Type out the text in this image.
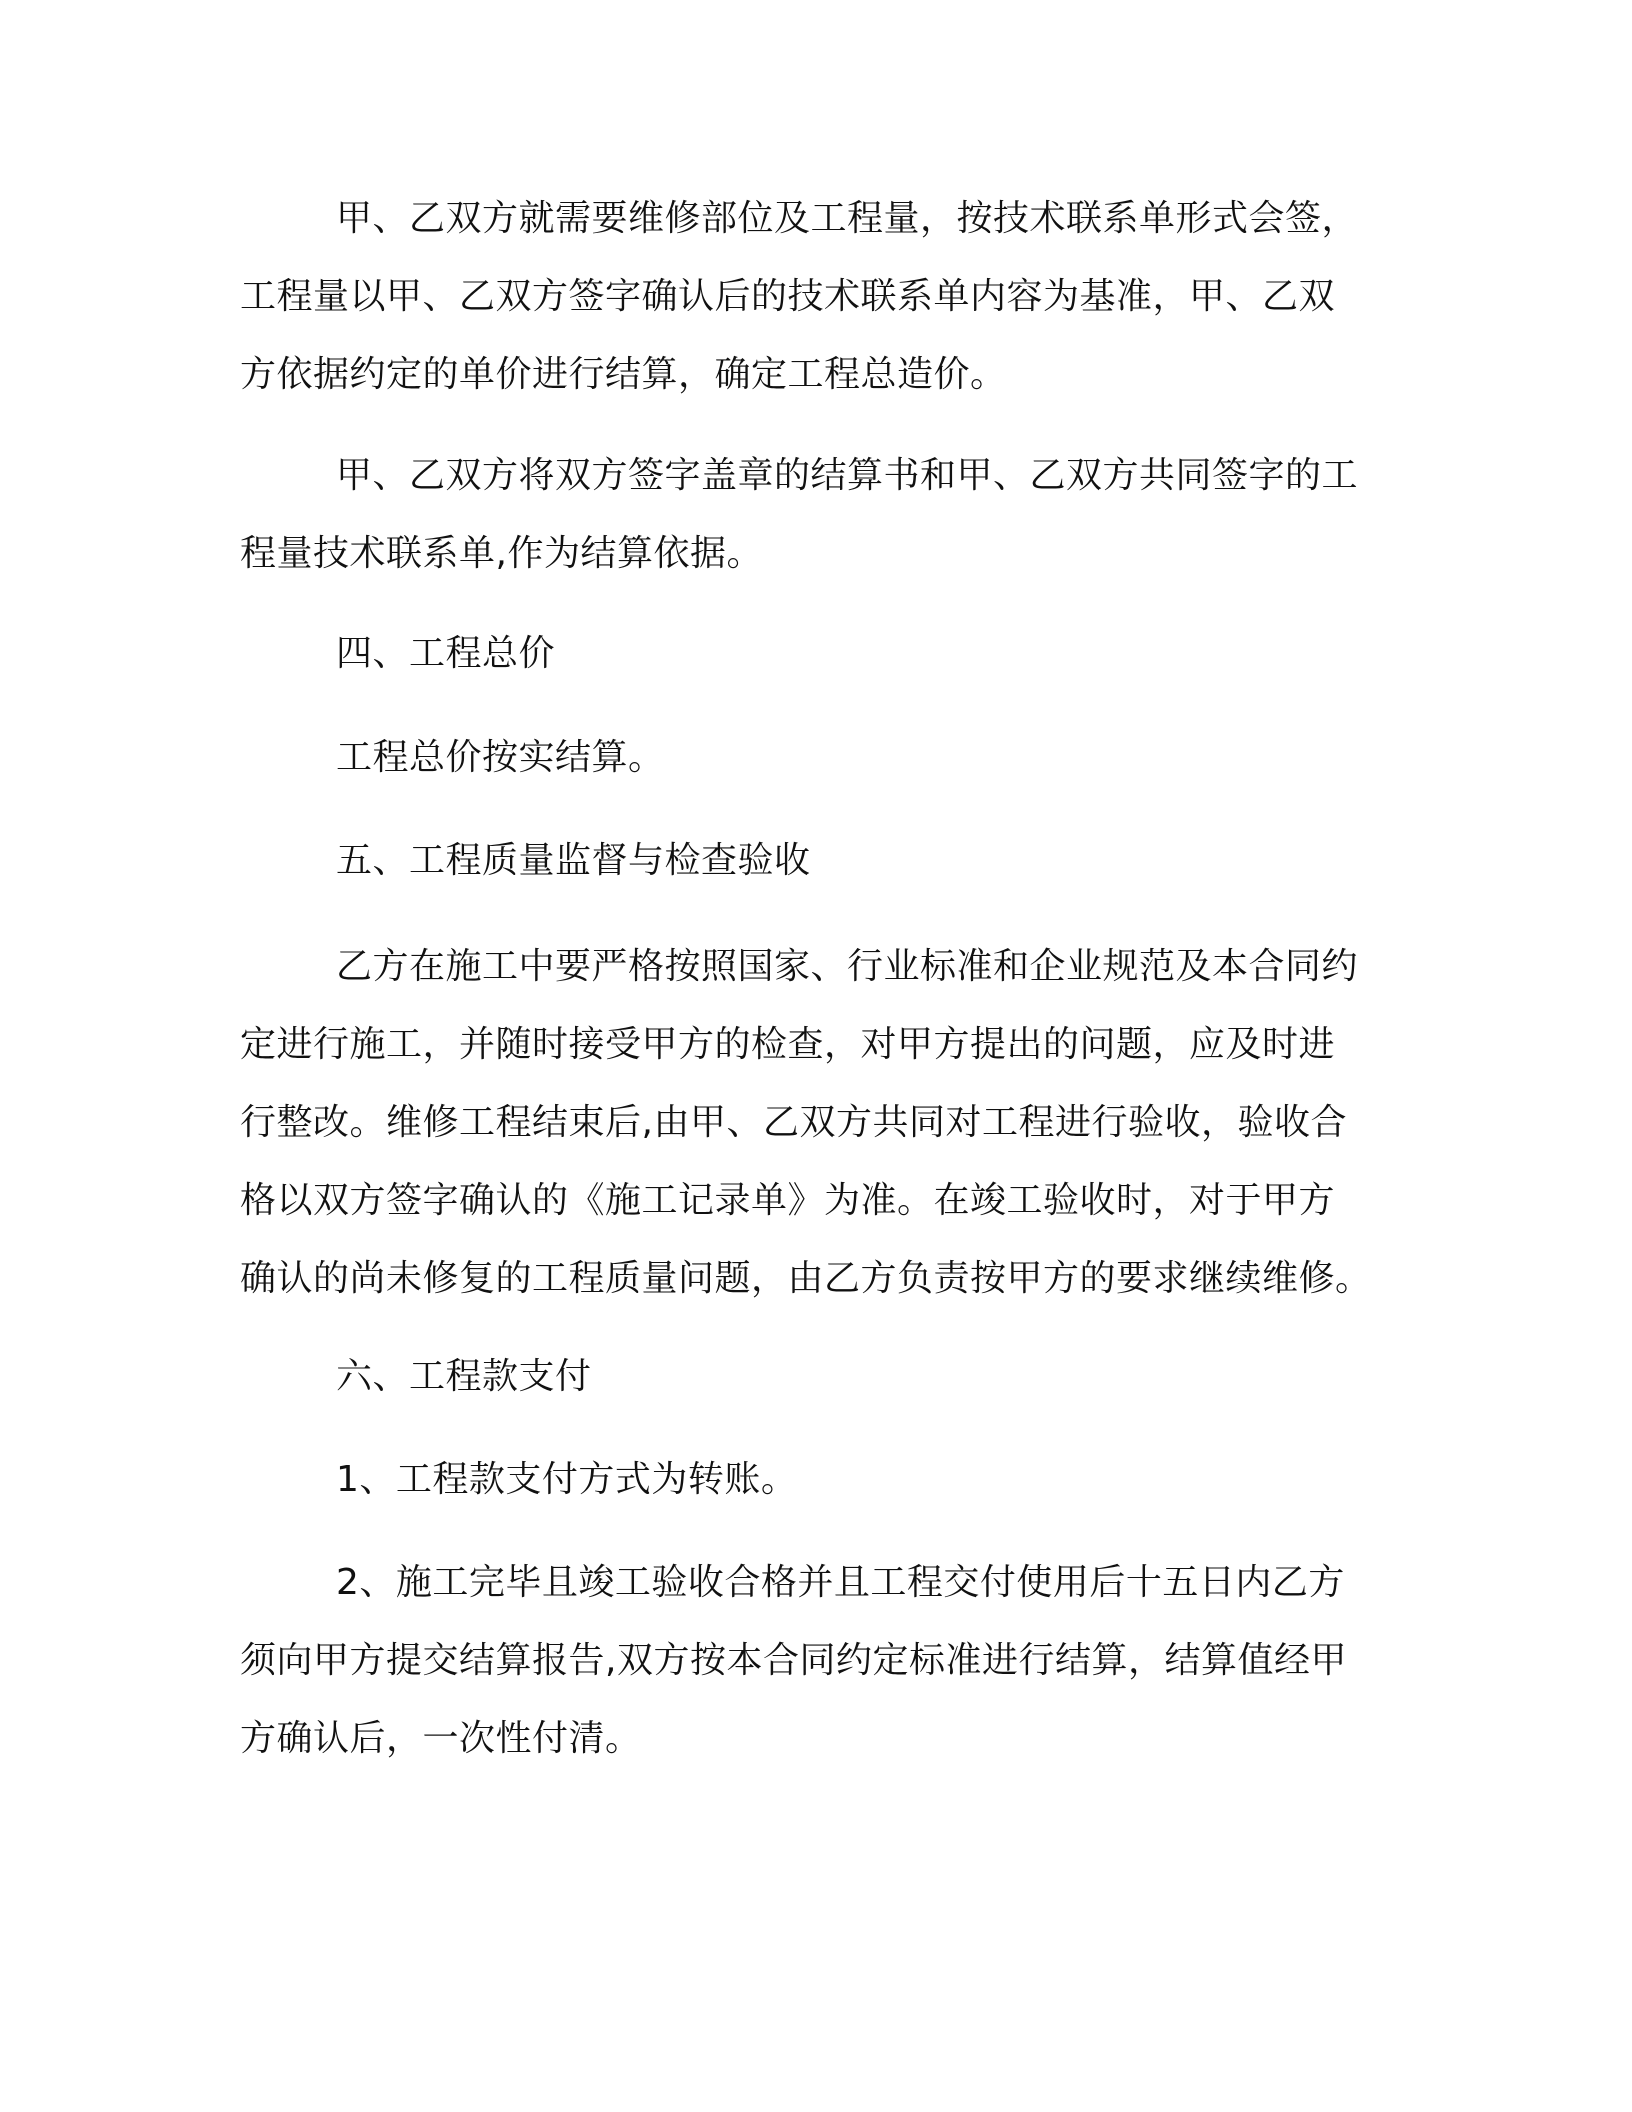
甲、乙双方就需要维修部位及工程量，按技术联系单形式会签，
工程量以甲、乙双方签字确认后的技术联系单内容为基准，甲、乙双
方依据约定的单价进行结算，确定工程总造价。
甲、乙双方将双方签字盖章的结算书和甲、乙双方共同签字的工
程量技术联系单,作为结算依据。
四、工程总价
工程总价按实结算。
五、工程质量监督与检查验收
乙方在施工中要严格按照国家、行业标准和企业规范及本合同约
定进行施工，并随时接受甲方的检查，对甲方提出的问题，应及时进
行整改。维修工程结束后,由甲、乙双方共同对工程进行验收，验收合
格以双方签字确认的《施工记录单》为准。在竣工验收时，对于甲方
确认的尚未修复的工程质量问题，由乙方负责按甲方的要求继续维修。
六、工程款支付
1、工程款支付方式为转账。
2、施工完毕且竣工验收合格并且工程交付使用后十五日内乙方
须向甲方提交结算报告,双方按本合同约定标准进行结算，结算值经甲
方确认后，一次性付清。
